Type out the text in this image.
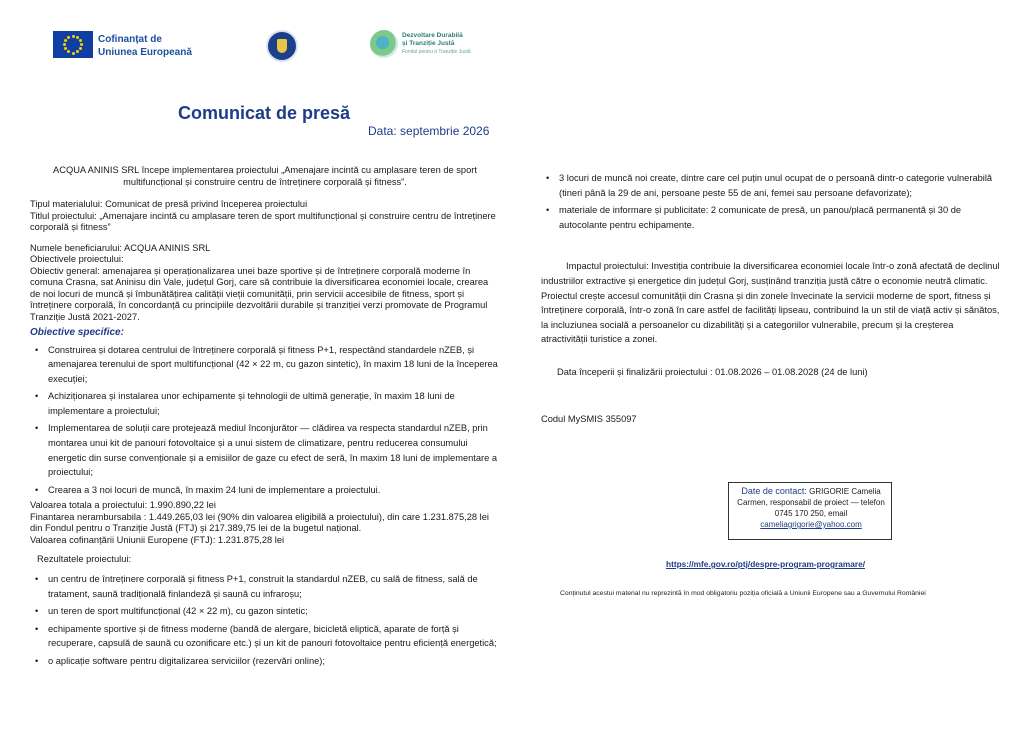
Cofinanțat de
Uniunea Europeană
Dezvoltare Durabilă
și Tranziție Justă
Fondul pentru o Tranziție Justă
Comunicat de presă
Data: septembrie 2026

ACQUA ANINIS SRL începe implementarea proiectului „Amenajare incintă cu amplasare teren de sport multifuncțional și construire centru de întreținere corporală și fitness”.

Tipul materialului: Comunicat de presă privind începerea proiectului

Titlul proiectului: „Amenajare incintă cu amplasare teren de sport multifuncțional și construire centru de întreținere corporală și fitness”

Numele beneficiarului: ACQUA ANINIS SRL

Obiectivele proiectului:

Obiectiv general: amenajarea și operaționalizarea unei baze sportive și de întreținere corporală moderne în comuna Crasna, sat Aninisu din Vale, județul Gorj, care să contribuie la diversificarea economiei locale, crearea de noi locuri de muncă și îmbunătățirea calității vieții comunității, prin servicii accesibile de fitness, sport și întreținere corporală, în concordanță cu principiile dezvoltării durabile și tranziției verzi promovate de Programul Tranziție Justă 2021-2027.

Obiective specifice:
• Construirea și dotarea centrului de întreținere corporală și fitness P+1, respectând standardele nZEB, și amenajarea terenului de sport multifuncțional (42 × 22 m, cu gazon sintetic), în maxim 18 luni de la începerea execuției;
• Achiziționarea și instalarea unor echipamente și tehnologii de ultimă generație, în maxim 18 luni de implementare a proiectului;
• Implementarea de soluții care protejează mediul înconjurător — clădirea va respecta standardul nZEB, prin montarea unui kit de panouri fotovoltaice și a unui sistem de climatizare, pentru reducerea consumului energetic din surse convenționale și a emisiilor de gaze cu efect de seră, în maxim 18 luni de implementare a proiectului;
• Crearea a 3 noi locuri de muncă, în maxim 24 luni de implementare a proiectului.

Valoarea totala a proiectului: 1.990.890,22 lei

Finantarea nerambursabila : 1.449.265,03 lei (90% din valoarea eligibilă a proiectului), din care 1.231.875,28 lei din Fondul pentru o Tranziție Justă (FTJ) și 217.389,75 lei de la bugetul național.

Valoarea cofinanțării Uniunii Europene (FTJ): 1.231.875,28 lei

Rezultatele proiectului:

• un centru de întreținere corporală și fitness P+1, construit la standardul nZEB, cu sală de fitness, sală de tratament, saună tradițională finlandeză și saună cu infraroșu;
• un teren de sport multifuncțional (42 × 22 m), cu gazon sintetic;
• echipamente sportive și de fitness moderne (bandă de alergare, bicicletă eliptică, aparate de forță și recuperare, capsulă de saună cu ozonificare etc.) și un kit de panouri fotovoltaice pentru eficiență energetică;
• o aplicație software pentru digitalizarea serviciilor (rezervări online);
• 3 locuri de muncă noi create, dintre care cel puțin unul ocupat de o persoană dintr-o categorie vulnerabilă (tineri până la 29 de ani, persoane peste 55 de ani, femei sau persoane defavorizate);
• materiale de informare și publicitate: 2 comunicate de presă, un panou/placă permanentă și 30 de autocolante pentru echipamente.

Impactul proiectului: Investiția contribuie la diversificarea economiei locale într-o zonă afectată de declinul industriilor extractive și energetice din județul Gorj, susținând tranziția justă către o economie neutră climatic. Proiectul crește accesul comunității din Crasna și din zonele învecinate la servicii moderne de sport, fitness și întreținere corporală, într-o zonă în care astfel de facilități lipseau, contribuind la un stil de viață activ și sănătos, la incluziunea socială a persoanelor cu dizabilități și a categoriilor vulnerabile, precum și la creșterea atractivității turistice a zonei.

Data începerii și finalizării proiectului : 01.08.2026 – 01.08.2028 (24 de luni)

Codul MySMIS 355097

Date de contact: GRIGORIE Camelia Carmen, responsabil de proiect — telefon 0745 170 250, email cameliagrigorie@yahoo.com
https://mfe.gov.ro/ptj/despre-program-programare/
Conținutul acestui material nu reprezintă în mod obligatoriu poziția oficială a Uniunii Europene sau a Guvernului României
